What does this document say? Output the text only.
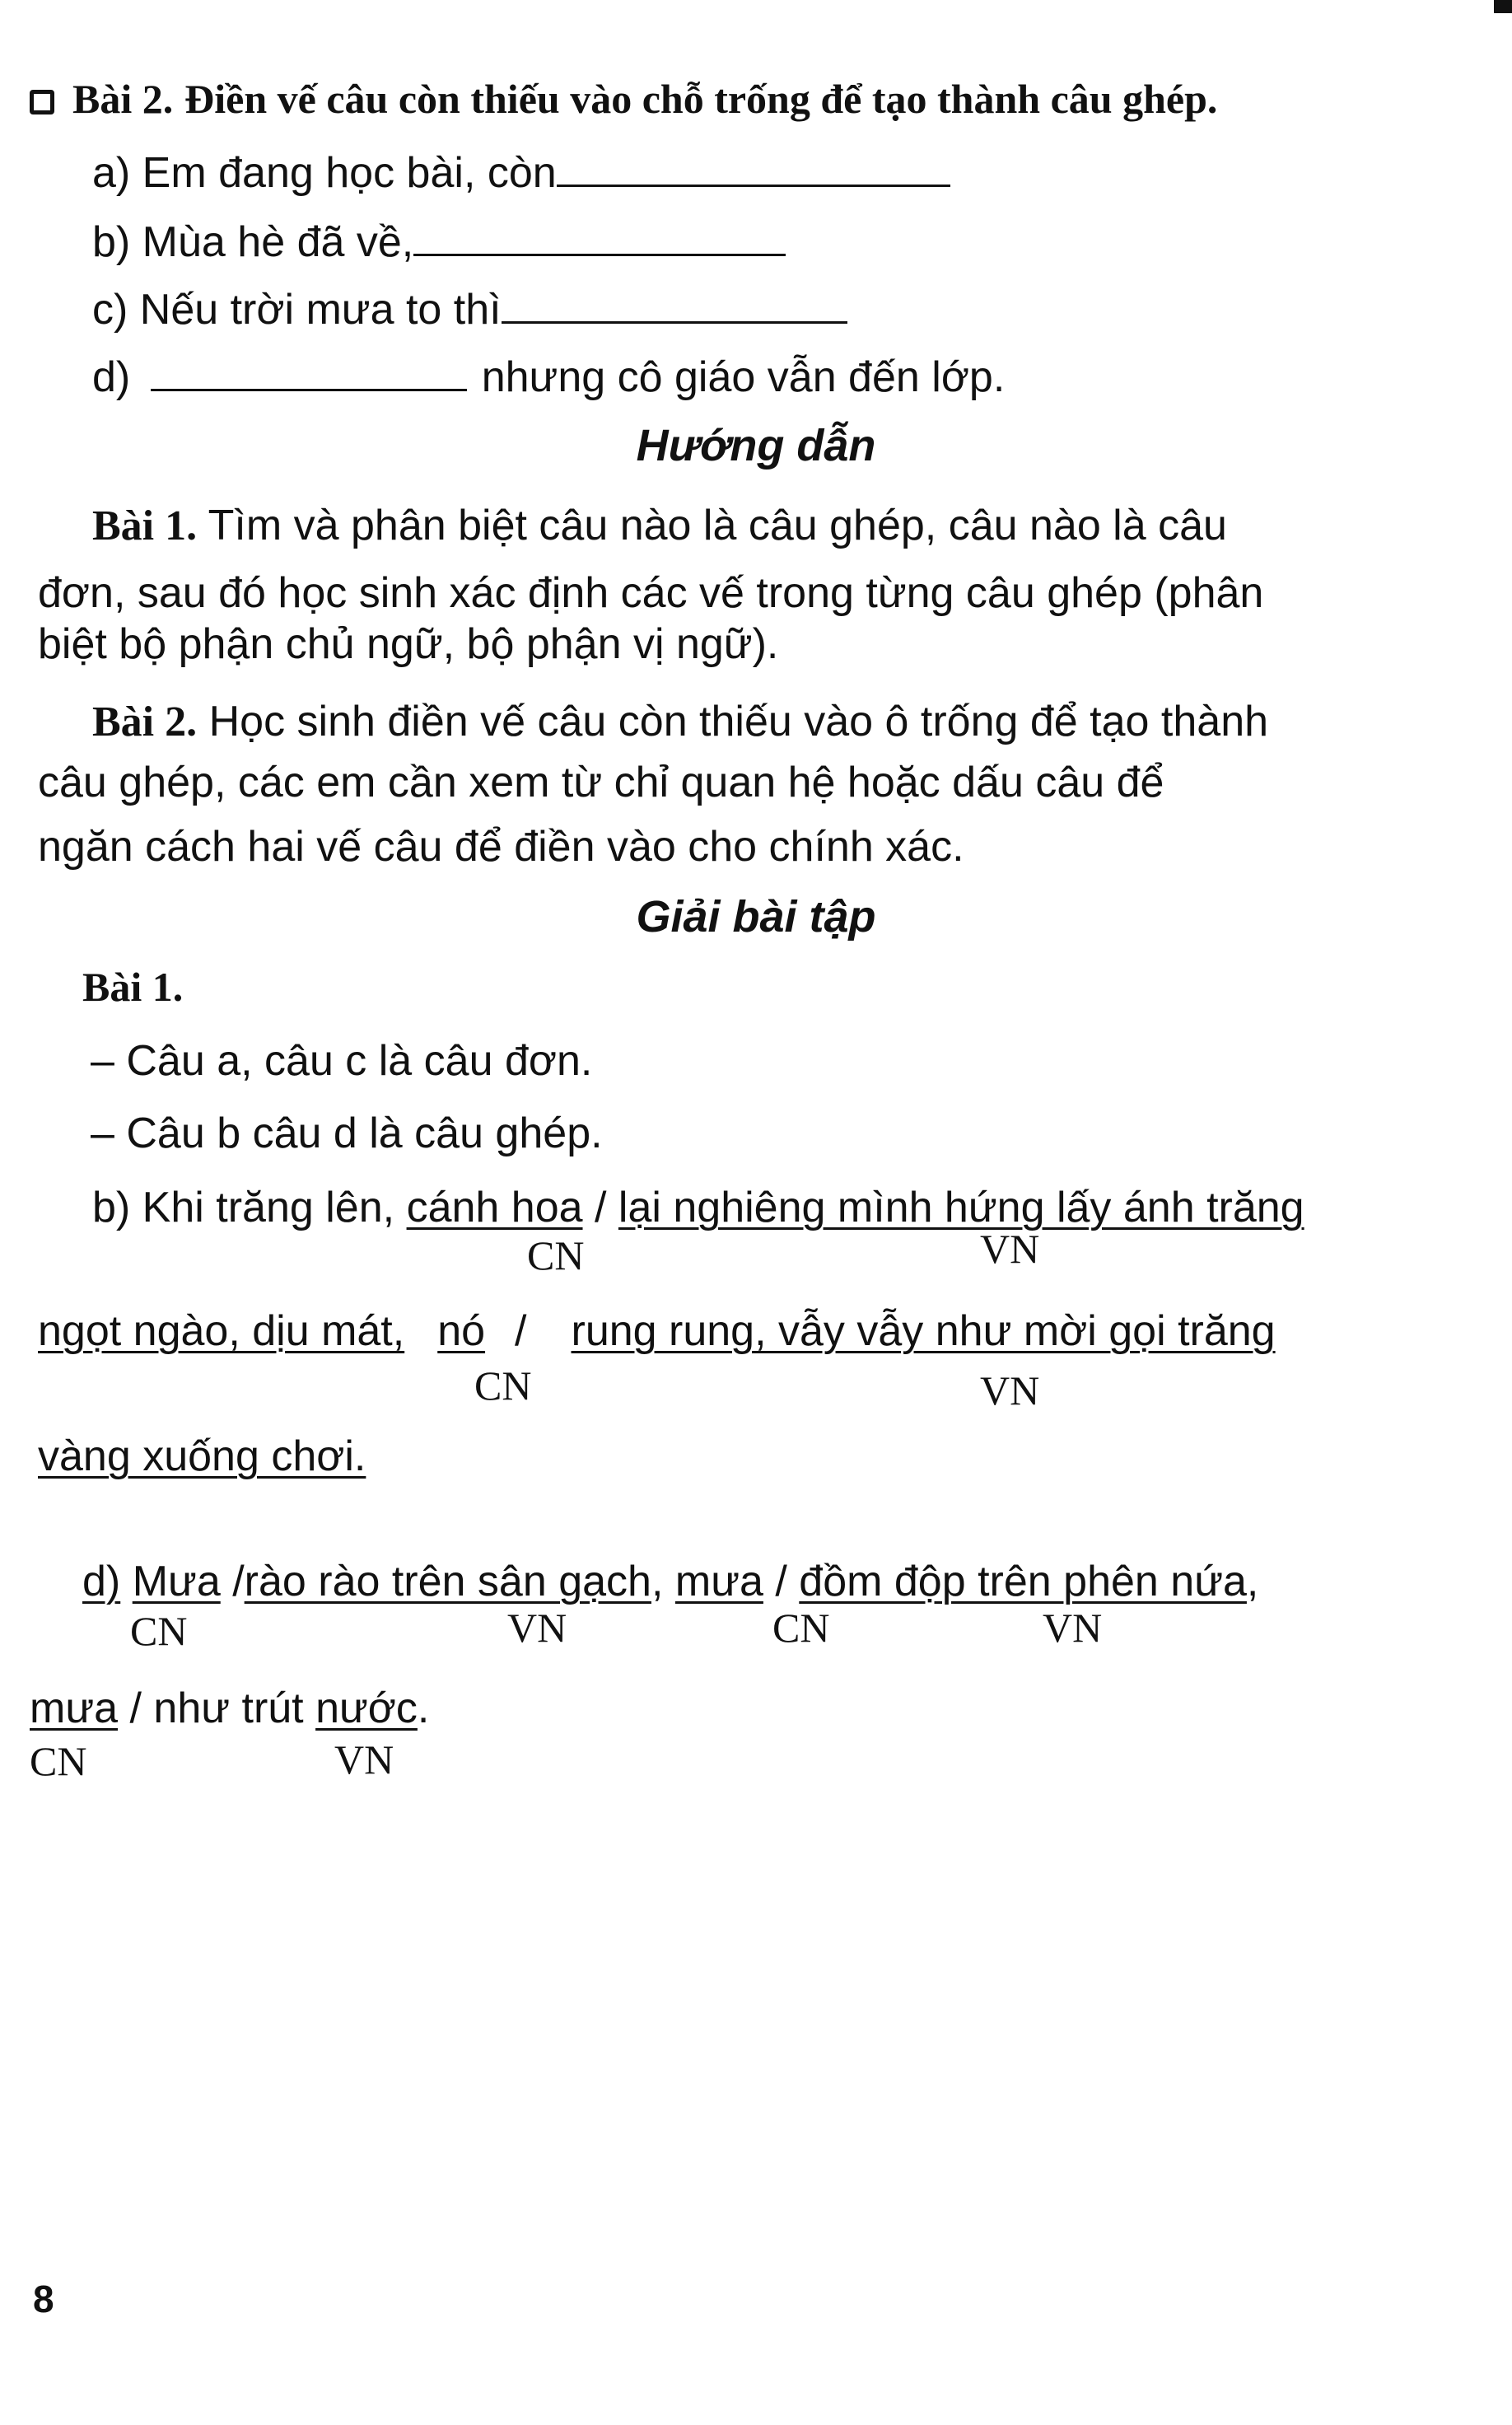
Bài 2. Điền vế câu còn thiếu vào chỗ trống để tạo thành câu ghép.
a) Em đang học bài, còn
b) Mùa hè đã về,
c) Nếu trời mưa to thì
d)	nhưng cô giáo vẫn đến lớp.
Hướng dẫn
Bài 1. Tìm và phân biệt câu nào là câu ghép, câu nào là câu
đơn, sau đó học sinh xác định các vế trong từng câu ghép (phân
biệt bộ phận chủ ngữ, bộ phận vị ngữ).
Bài 2. Học sinh điền vế câu còn thiếu vào ô trống để tạo thành
câu ghép, các em cần xem từ chỉ quan hệ hoặc dấu câu để
ngăn cách hai vế câu để điền vào cho chính xác.
Giải bài tập
Bài 1.
– Câu a, câu c là câu đơn.
– Câu b câu d là câu ghép.
b) Khi trăng lên, cánh hoa / lại nghiêng mình hứng lấy ánh trăng
CN	VN
ngọt ngào, dịu mát, nó / rung rung, vẫy vẫy như mời gọi trăng
CN	VN
vàng xuống chơi.
d) Mưa /rào rào trên sân gạch, mưa / đồm độp trên phên nứa,
CN	VN	CN	VN
mưa / như trút nước.
CN	VN
8
